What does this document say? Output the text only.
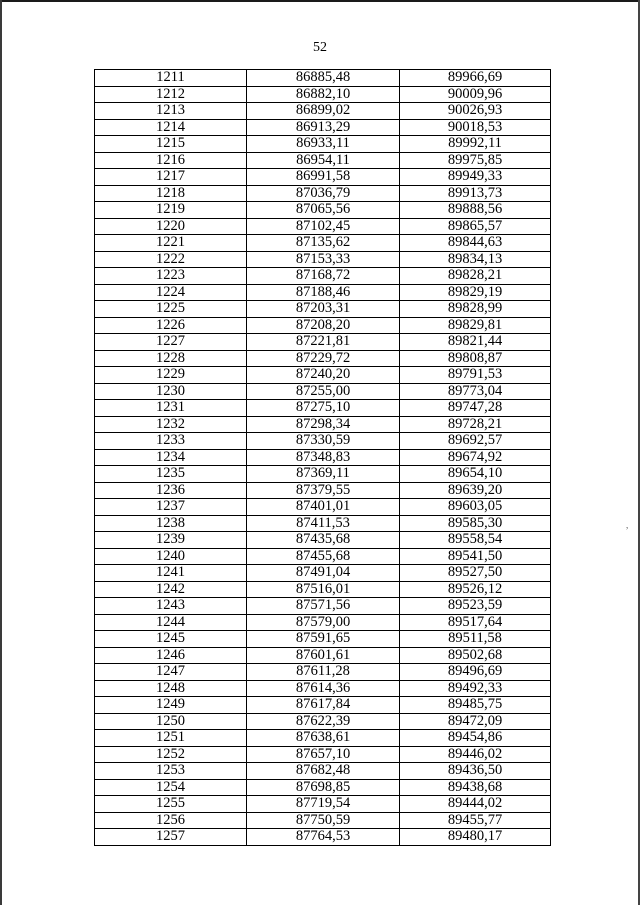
52
1211	86885,48	89966,69
1212	86882,10	90009,96
1213	86899,02	90026,93
1214	86913,29	90018,53
1215	86933,11	89992,11
1216	86954,11	89975,85
1217	86991,58	89949,33
1218	87036,79	89913,73
1219	87065,56	89888,56
1220	87102,45	89865,57
1221	87135,62	89844,63
1222	87153,33	89834,13
1223	87168,72	89828,21
1224	87188,46	89829,19
1225	87203,31	89828,99
1226	87208,20	89829,81
1227	87221,81	89821,44
1228	87229,72	89808,87
1229	87240,20	89791,53
1230	87255,00	89773,04
1231	87275,10	89747,28
1232	87298,34	89728,21
1233	87330,59	89692,57
1234	87348,83	89674,92
1235	87369,11	89654,10
1236	87379,55	89639,20
1237	87401,01	89603,05
1238	87411,53	89585,30
1239	87435,68	89558,54
1240	87455,68	89541,50
1241	87491,04	89527,50
1242	87516,01	89526,12
1243	87571,56	89523,59
1244	87579,00	89517,64
1245	87591,65	89511,58
1246	87601,61	89502,68
1247	87611,28	89496,69
1248	87614,36	89492,33
1249	87617,84	89485,75
1250	87622,39	89472,09
1251	87638,61	89454,86
1252	87657,10	89446,02
1253	87682,48	89436,50
1254	87698,85	89438,68
1255	87719,54	89444,02
1256	87750,59	89455,77
1257	87764,53	89480,17
,
